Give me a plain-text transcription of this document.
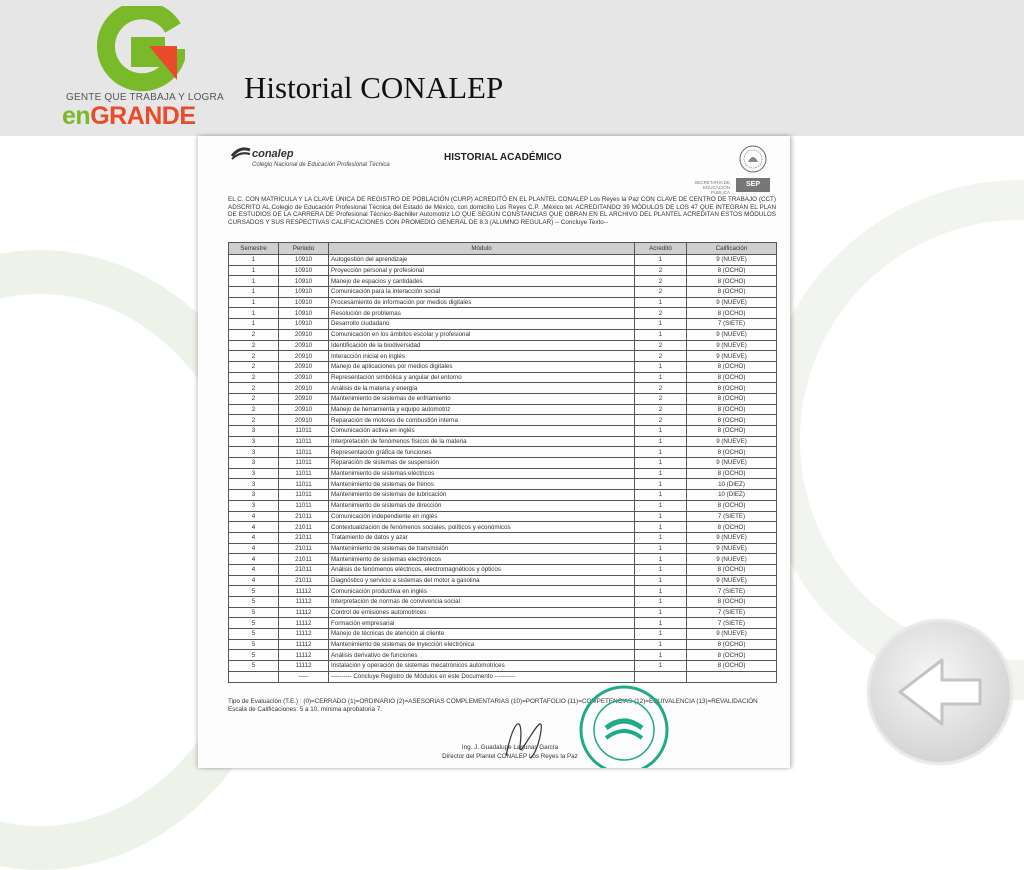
GENTE QUE TRABAJA Y LOGRA
enGRANDE
Historial CONALEP
conalep
Colegio Nacional de Educación Profesional Técnica
HISTORIAL ACADÉMICO
SECRETARÍA DE EDUCACIÓN PÚBLICA
SEP
EL C. CON MATRICULA Y LA CLAVE ÚNICA DE REGISTRO DE POBLACIÓN (CURP) ACREDITÓ EN EL PLANTEL CONALEP Los Reyes la Paz CON CLAVE DE CENTRO DE TRABAJO (CCT) ADSCRITO AL Colegio de Educación Profesional Técnica del Estado de México, con domicilio Los Reyes C.P. ,México tel. ACREDITANDO 39 MÓDULOS DE LOS 47 QUE INTEGRAN EL PLAN DE ESTUDIOS DE LA CARRERA DE Profesional Técnico-Bachiller Automotriz LO QUE SEGÚN CONSTANCIAS QUE OBRAN EN EL ARCHIVO DEL PLANTEL ACREDITAN ESTOS MÓDULOS CURSADOS Y SUS RESPECTIVAS CALIFICACIONES CON PROMEDIO GENERAL DE 8.3 (ALUMNO REGULAR) -- Concluye Texto--
Semestre	Periodo	Módulo	Acreditó	Calificación
1	10910	Autogestión del aprendizaje	1	9 (NUEVE)
1	10910	Proyección personal y profesional	2	8 (OCHO)
1	10910	Manejo de espacios y cantidades	2	8 (OCHO)
1	10910	Comunicación para la interacción social	2	8 (OCHO)
1	10910	Procesamiento de información por medios digitales	1	9 (NUEVE)
1	10910	Resolución de problemas	2	8 (OCHO)
1	10910	Desarrollo ciudadano	1	7 (SIETE)
2	20910	Comunicación en los ámbitos escolar y profesional	1	9 (NUEVE)
2	20910	Identificación de la biodiversidad	2	9 (NUEVE)
2	20910	Interacción inicial en inglés	2	9 (NUEVE)
2	20910	Manejo de aplicaciones por medios digitales	1	8 (OCHO)
2	20910	Representación simbólica y angular del entorno	1	8 (OCHO)
2	20910	Análisis de la materia y energía	2	8 (OCHO)
2	20910	Mantenimiento de sistemas de enfriamiento	2	8 (OCHO)
2	20910	Manejo de herramienta y equipo automotriz	2	8 (OCHO)
2	20910	Reparación de motores de combustión interna	2	8 (OCHO)
3	11011	Comunicación activa en inglés	1	8 (OCHO)
3	11011	Interpretación de fenómenos físicos de la materia	1	9 (NUEVE)
3	11011	Representación gráfica de funciones	1	8 (OCHO)
3	11011	Reparación de sistemas de suspensión	1	9 (NUEVE)
3	11011	Mantenimiento de sistemas eléctricos	1	8 (OCHO)
3	11011	Mantenimiento de sistemas de frenos	1	10 (DIEZ)
3	11011	Mantenimiento de sistemas de lubricación	1	10 (DIEZ)
3	11011	Mantenimiento de sistemas de dirección	1	8 (OCHO)
4	21011	Comunicación independiente en inglés	1	7 (SIETE)
4	21011	Contextualización de fenómenos sociales, políticos y económicos	1	8 (OCHO)
4	21011	Tratamiento de datos y azar	1	9 (NUEVE)
4	21011	Mantenimiento de sistemas de transmisión	1	9 (NUEVE)
4	21011	Mantenimiento de sistemas electrónicos	1	9 (NUEVE)
4	21011	Análisis de fenómenos eléctricos, electromagnéticos y ópticos	1	8 (OCHO)
4	21011	Diagnóstico y servicio a sistemas del motor a gasolina	1	9 (NUEVE)
5	11112	Comunicación productiva en inglés	1	7 (SIETE)
5	11112	Interpretación de normas de convivencia social	1	8 (OCHO)
5	11112	Control de emisiones automotrices	1	7 (SIETE)
5	11112	Formación empresarial	1	7 (SIETE)
5	11112	Manejo de técnicas de atención al cliente	1	9 (NUEVE)
5	11112	Mantenimiento de sistemas de inyección electrónica	1	8 (OCHO)
5	11112	Análisis derivativo de funciones	1	8 (OCHO)
5	11112	Instalación y operación de sistemas mecatrónicos automotrices	1	8 (OCHO)
	-----	---------- Concluye Registro de Módulos en este Documento ----------		
Tipo de Evaluación (T.E.) : (0)=CERRADO (1)=ORDINARIO (2)=ASESORIAS COMPLEMENTARIAS (10)=PORTAFOLIO (11)=COMPETENCIAS (12)=EQUIVALENCIA (13)=REVALIDACIÓN Escala de Calificaciones: 5 a 10, mínima aprobatoria 7.
Ing. J. Guadalupe Lagunas García
Director del Plantel CONALEP Los Reyes la Paz
